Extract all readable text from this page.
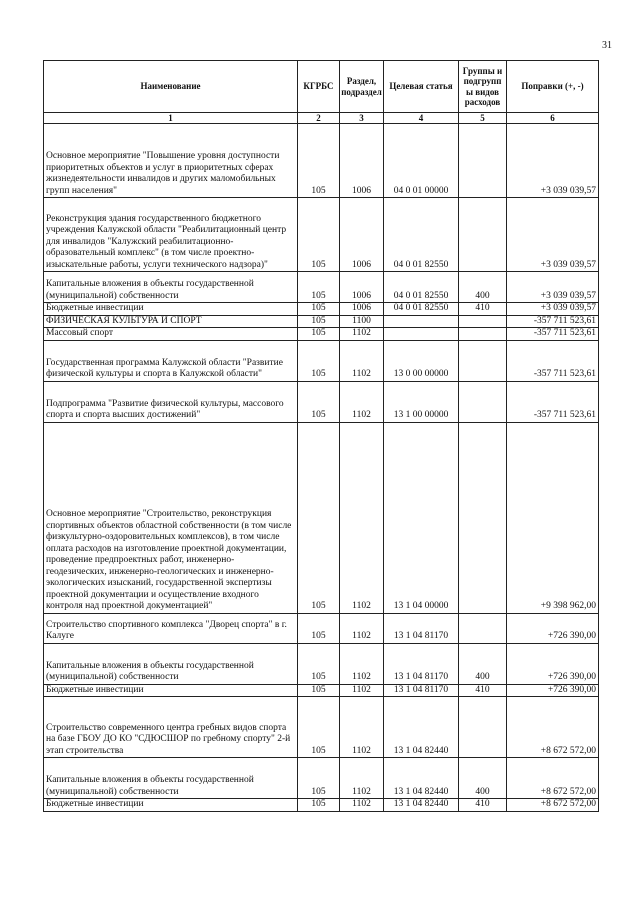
31
Наименование	КГРБС	Раздел, подраздел	Целевая статья	Группы и подгрупп ы видов расходов	Поправки (+, -)
1	2	3	4	5	6
Основное мероприятие "Повышение уровня доступности приоритетных объектов и услуг в приоритетных сферах жизнедеятельности инвалидов и других маломобильных групп населения"	105	1006	04 0 01 00000		+3 039 039,57
Реконструкция здания государственного бюджетного учреждения Калужской области "Реабилитационный центр для инвалидов "Калужский реабилитационно-образовательный комплекс" (в том числе проектно-изыскательные работы, услуги технического надзора)"	105	1006	04 0 01 82550		+3 039 039,57
Капитальные вложения в объекты государственной (муниципальной) собственности	105	1006	04 0 01 82550	400	+3 039 039,57
Бюджетные инвестиции	105	1006	04 0 01 82550	410	+3 039 039,57
ФИЗИЧЕСКАЯ КУЛЬТУРА И СПОРТ	105	1100			-357 711 523,61
Массовый спорт	105	1102			-357 711 523,61
Государственная программа Калужской области "Развитие физической культуры и спорта в Калужской области"	105	1102	13 0 00 00000		-357 711 523,61
Подпрограмма "Развитие физической культуры, массового спорта и спорта высших достижений"	105	1102	13 1 00 00000		-357 711 523,61
Основное мероприятие "Строительство, реконструкция спортивных объектов областной собственности (в том числе физкультурно-оздоровительных комплексов), в том числе оплата расходов на изготовление проектной документации, проведение предпроектных работ, инженерно-геодезических, инженерно-геологических и инженерно-экологических изысканий, государственной экспертизы проектной документации и осуществление входного контроля над проектной документацией"	105	1102	13 1 04 00000		+9 398 962,00
Строительство спортивного комплекса "Дворец спорта" в г. Калуге	105	1102	13 1 04 81170		+726 390,00
Капитальные вложения в объекты государственной (муниципальной) собственности	105	1102	13 1 04 81170	400	+726 390,00
Бюджетные инвестиции	105	1102	13 1 04 81170	410	+726 390,00
Строительство современного центра гребных видов спорта на базе ГБОУ ДО КО "СДЮСШОР по гребному спорту" 2-й этап строительства	105	1102	13 1 04 82440		+8 672 572,00
Капитальные вложения в объекты государственной (муниципальной) собственности	105	1102	13 1 04 82440	400	+8 672 572,00
Бюджетные инвестиции	105	1102	13 1 04 82440	410	+8 672 572,00
